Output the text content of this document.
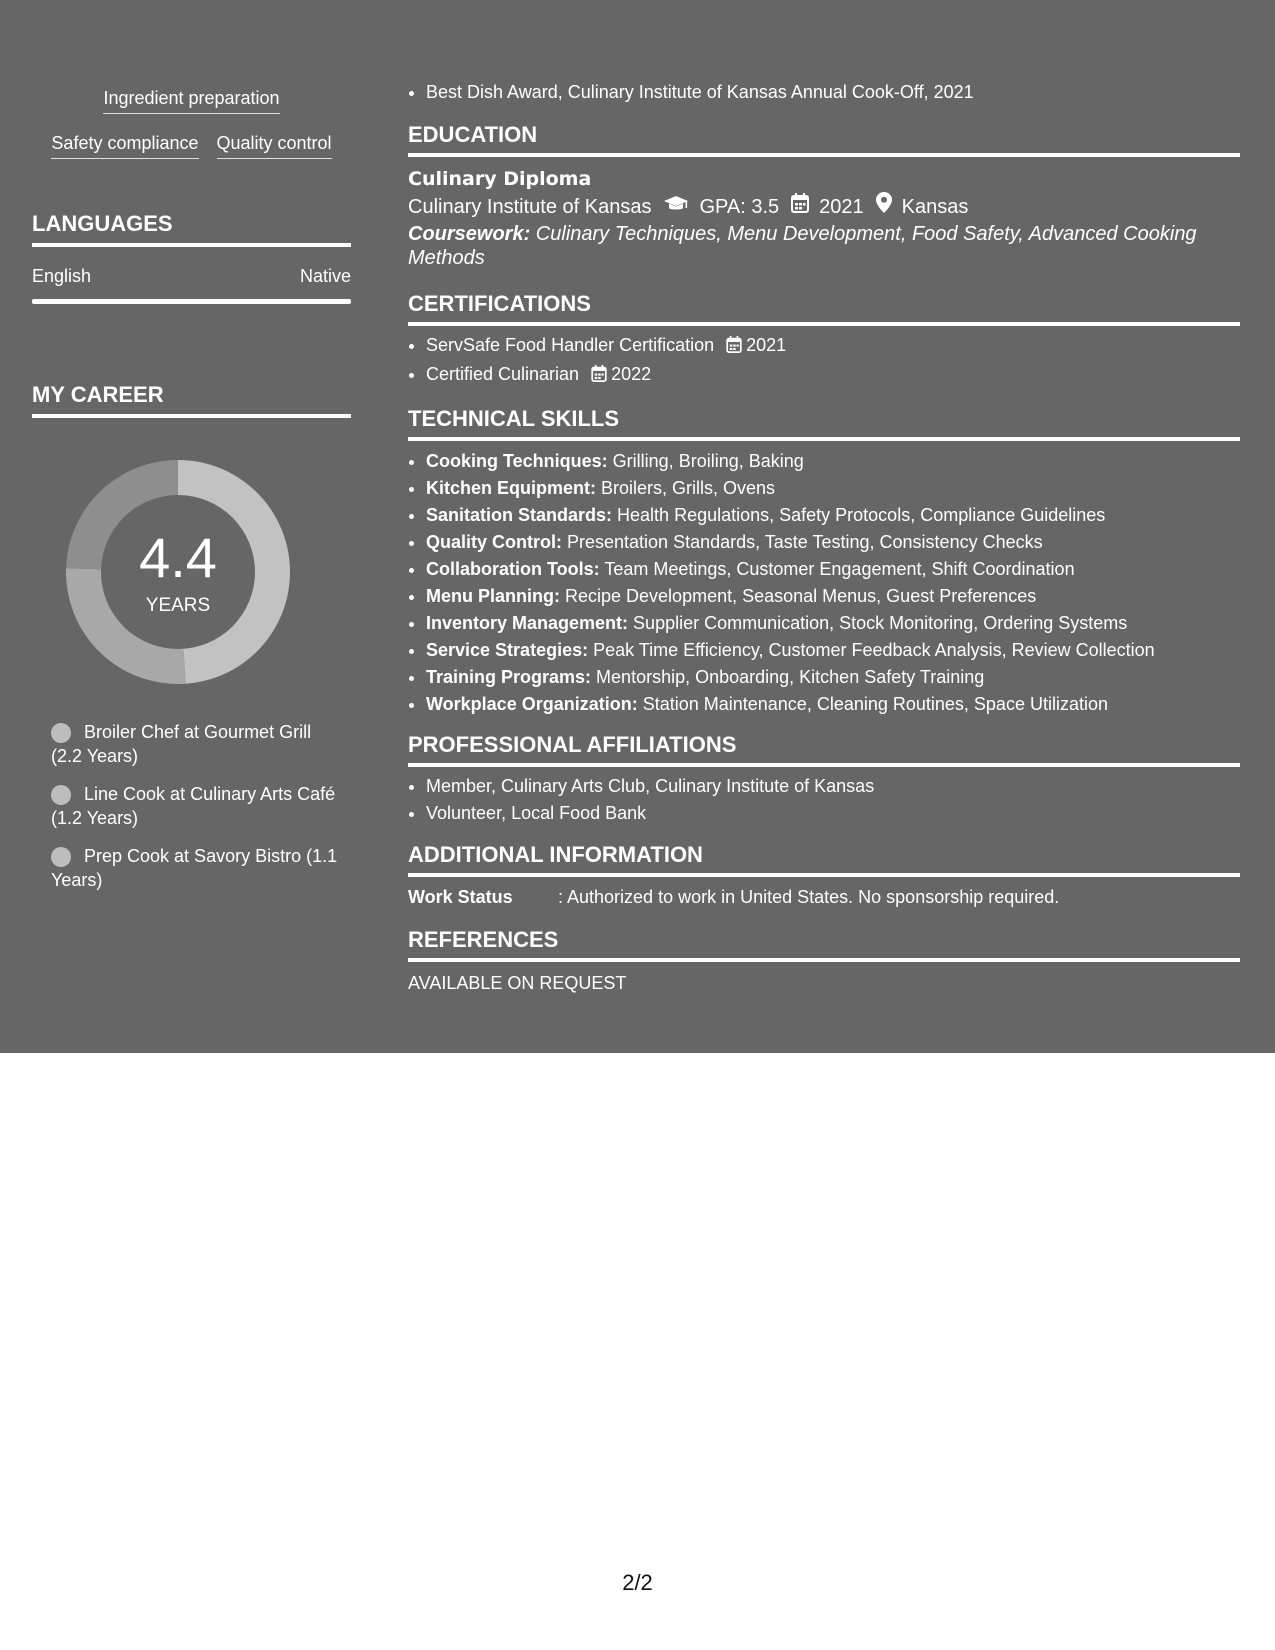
Ingredient preparation
Safety compliance Quality control
LANGUAGES
English	Native
MY CAREER
4.4
YEARS
Broiler Chef at Gourmet Grill (2.2 Years)
Line Cook at Culinary Arts Café (1.2 Years)
Prep Cook at Savory Bistro (1.1 Years)
• Best Dish Award, Culinary Institute of Kansas Annual Cook-Off, 2021
EDUCATION
Culinary Diploma
Culinary Institute of Kansas GPA: 3.5 2021 Kansas
Coursework: Culinary Techniques, Menu Development, Food Safety, Advanced Cooking Methods
CERTIFICATIONS
• ServSafe Food Handler Certification 2021
• Certified Culinarian 2022
TECHNICAL SKILLS
• Cooking Techniques: Grilling, Broiling, Baking
• Kitchen Equipment: Broilers, Grills, Ovens
• Sanitation Standards: Health Regulations, Safety Protocols, Compliance Guidelines
• Quality Control: Presentation Standards, Taste Testing, Consistency Checks
• Collaboration Tools: Team Meetings, Customer Engagement, Shift Coordination
• Menu Planning: Recipe Development, Seasonal Menus, Guest Preferences
• Inventory Management: Supplier Communication, Stock Monitoring, Ordering Systems
• Service Strategies: Peak Time Efficiency, Customer Feedback Analysis, Review Collection
• Training Programs: Mentorship, Onboarding, Kitchen Safety Training
• Workplace Organization: Station Maintenance, Cleaning Routines, Space Utilization
PROFESSIONAL AFFILIATIONS
• Member, Culinary Arts Club, Culinary Institute of Kansas
• Volunteer, Local Food Bank
ADDITIONAL INFORMATION
Work Status	: Authorized to work in United States. No sponsorship required.
REFERENCES
AVAILABLE ON REQUEST
2/2
